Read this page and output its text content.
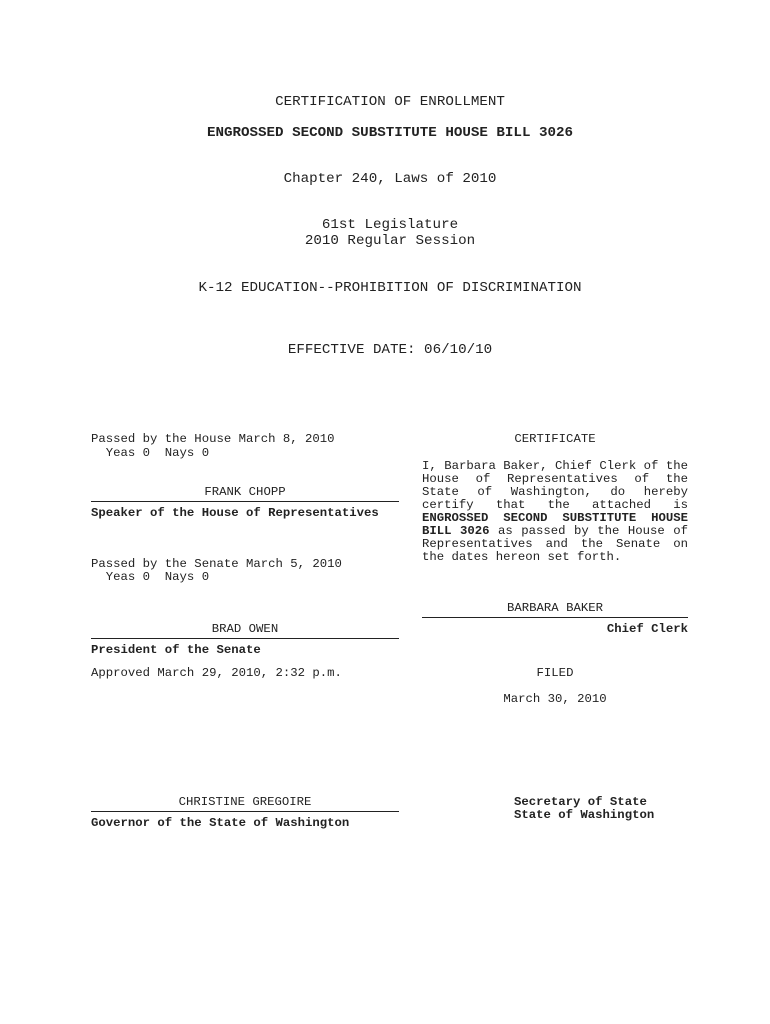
CERTIFICATION OF ENROLLMENT
ENGROSSED SECOND SUBSTITUTE HOUSE BILL 3026
Chapter 240, Laws of 2010
61st Legislature
2010 Regular Session
K-12 EDUCATION--PROHIBITION OF DISCRIMINATION
EFFECTIVE DATE: 06/10/10
Passed by the House March 8, 2010
Yeas 0  Nays 0
FRANK CHOPP
Speaker of the House of Representatives
Passed by the Senate March 5, 2010
Yeas 0  Nays 0
BRAD OWEN
President of the Senate
Approved March 29, 2010, 2:32 p.m.
CHRISTINE GREGOIRE
Governor of the State of Washington
CERTIFICATE
I, Barbara Baker, Chief Clerk of the House of Representatives of the State of Washington, do hereby certify that the attached is ENGROSSED SECOND SUBSTITUTE HOUSE BILL 3026 as passed by the House of Representatives and the Senate on the dates hereon set forth.
BARBARA BAKER
Chief Clerk
FILED
March 30, 2010
Secretary of State
State of Washington
